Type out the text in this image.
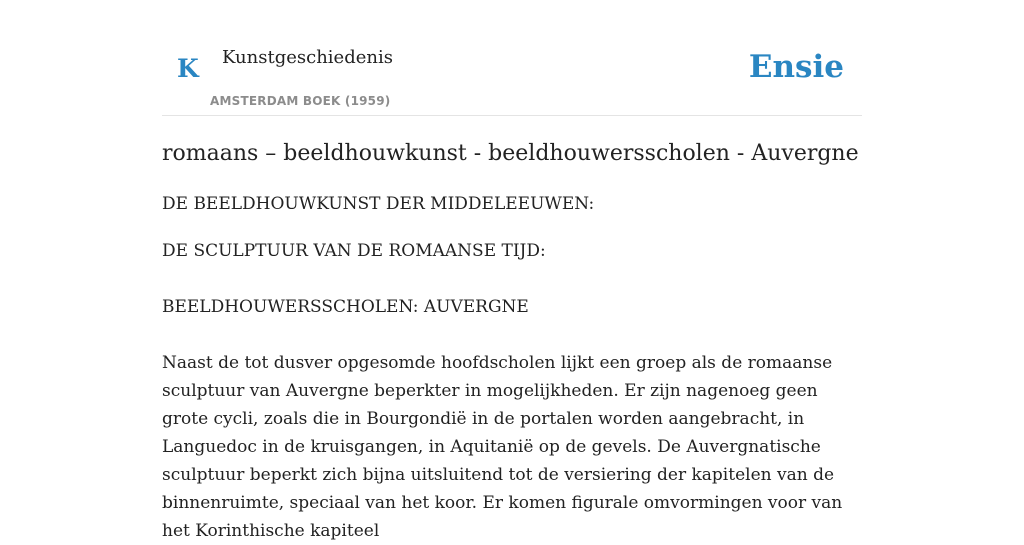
K Kunstgeschiedenis
AMSTERDAM BOEK (1959)
Ensie
romaans – beeldhouwkunst - beeldhouwersscholen - Auvergne

DE BEELDHOUWKUNST DER MIDDELEEUWEN:

DE SCULPTUUR VAN DE ROMAANSE TIJD:

BEELDHOUWERSSCHOLEN: AUVERGNE

Naast de tot dusver opgesomde hoofdscholen lijkt een groep als de romaanse sculptuur van Auvergne beperkter in mogelijkheden. Er zijn nagenoeg geen grote cycli, zoals die in Bourgondië in de portalen worden aangebracht, in Languedoc in de kruisgangen, in Aquitanië op de gevels. De Auvergnatische sculptuur beperkt zich bijna uitsluitend tot de versiering der kapitelen van de binnenruimte, speciaal van het koor. Er komen figurale omvormingen voor van het Korinthische kapiteel
